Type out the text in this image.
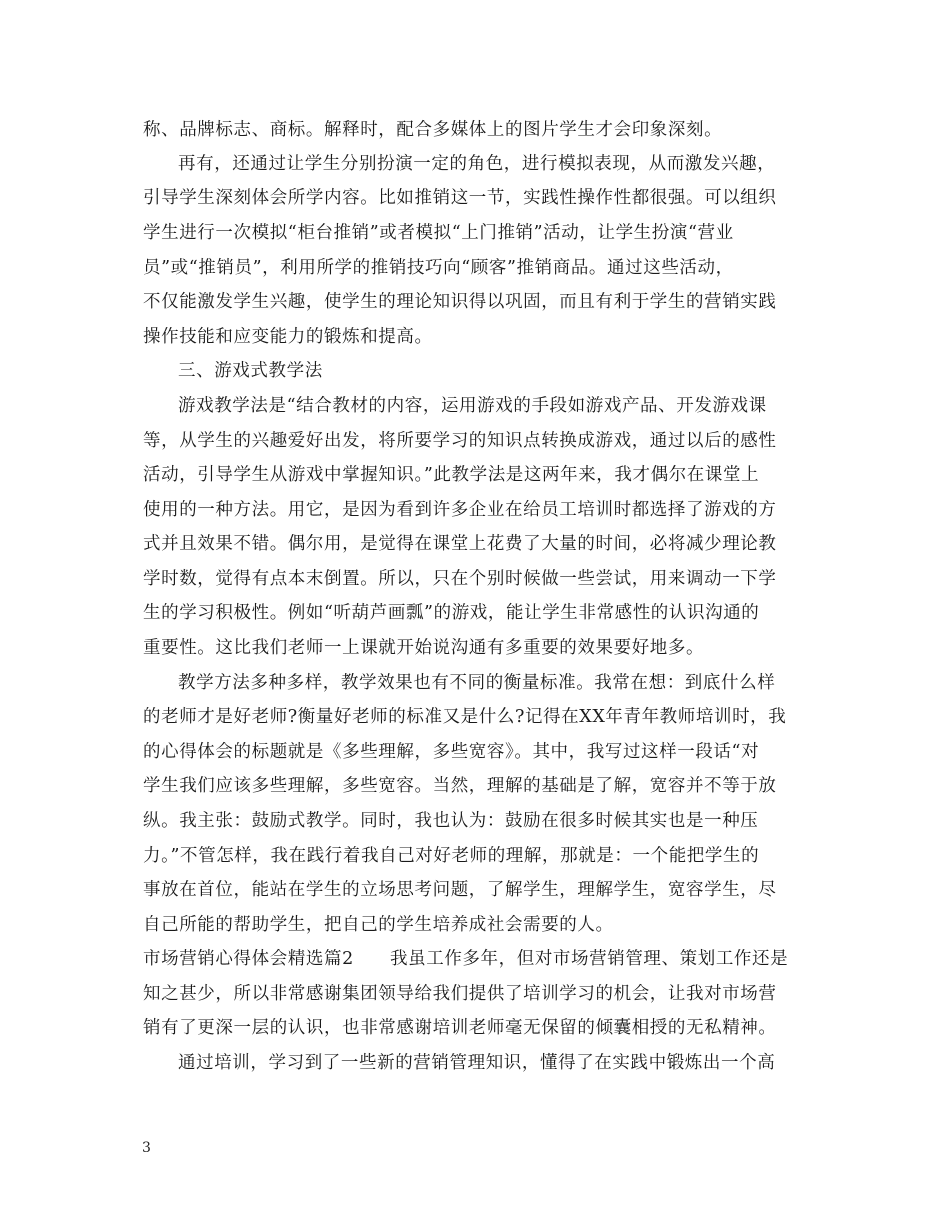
称、品牌标志、商标。解释时，配合多媒体上的图片学生才会印象深刻。
再有，还通过让学生分别扮演一定的角色，进行模拟表现，从而激发兴趣，
引导学生深刻体会所学内容。比如推销这一节，实践性操作性都很强。可以组织
学生进行一次模拟“柜台推销”或者模拟“上门推销”活动，让学生扮演“营业
员”或“推销员”，利用所学的推销技巧向“顾客”推销商品。通过这些活动，
不仅能激发学生兴趣，使学生的理论知识得以巩固，而且有利于学生的营销实践
操作技能和应变能力的锻炼和提高。
三、游戏式教学法
游戏教学法是“结合教材的内容，运用游戏的手段如游戏产品、开发游戏课
等，从学生的兴趣爱好出发，将所要学习的知识点转换成游戏，通过以后的感性
活动，引导学生从游戏中掌握知识。”此教学法是这两年来，我才偶尔在课堂上
使用的一种方法。用它，是因为看到许多企业在给员工培训时都选择了游戏的方
式并且效果不错。偶尔用，是觉得在课堂上花费了大量的时间，必将减少理论教
学时数，觉得有点本末倒置。所以，只在个别时候做一些尝试，用来调动一下学
生的学习积极性。例如“听葫芦画瓢”的游戏，能让学生非常感性的认识沟通的
重要性。这比我们老师一上课就开始说沟通有多重要的效果要好地多。
教学方法多种多样，教学效果也有不同的衡量标准。我常在想：到底什么样
的老师才是好老师?衡量好老师的标准又是什么?记得在XX年青年教师培训时，我
的心得体会的标题就是《多些理解，多些宽容》。其中，我写过这样一段话“对
学生我们应该多些理解，多些宽容。当然，理解的基础是了解，宽容并不等于放
纵。我主张：鼓励式教学。同时，我也认为：鼓励在很多时候其实也是一种压
力。”不管怎样，我在践行着我自己对好老师的理解，那就是：一个能把学生的
事放在首位，能站在学生的立场思考问题，了解学生，理解学生，宽容学生，尽
自己所能的帮助学生，把自己的学生培养成社会需要的人。
市场营销心得体会精选篇2　　我虽工作多年，但对市场营销管理、策划工作还是
知之甚少，所以非常感谢集团领导给我们提供了培训学习的机会，让我对市场营
销有了更深一层的认识，也非常感谢培训老师毫无保留的倾囊相授的无私精神。
通过培训，学习到了一些新的营销管理知识，懂得了在实践中锻炼出一个高
3
